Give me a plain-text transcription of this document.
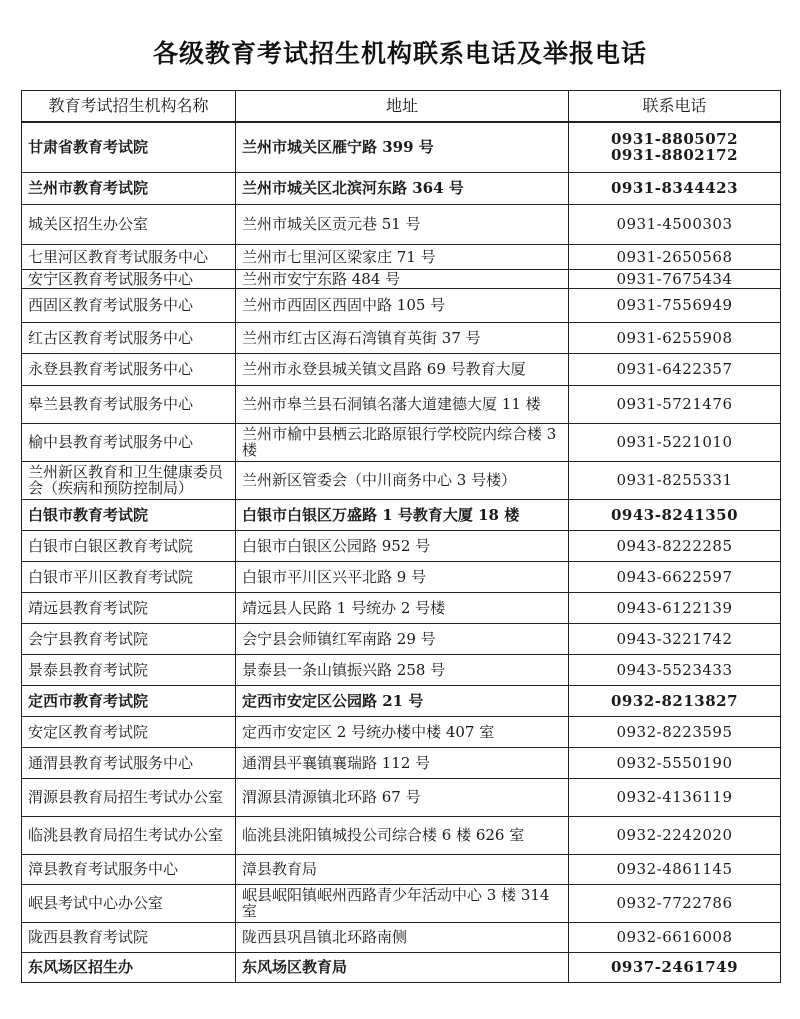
各级教育考试招生机构联系电话及举报电话
教育考试招生机构名称	地址	联系电话
甘肃省教育考试院	兰州市城关区雁宁路 399 号	0931-8805072
0931-8802172

兰州市教育考试院	兰州市城关区北滨河东路 364 号	0931-8344423

城关区招生办公室	兰州市城关区贡元巷 51 号	0931-4500303

七里河区教育考试服务中心	兰州市七里河区梁家庄 71 号	0931-2650568

安宁区教育考试服务中心	兰州市安宁东路 484 号	0931-7675434

西固区教育考试服务中心	兰州市西固区西固中路 105 号	0931-7556949

红古区教育考试服务中心	兰州市红古区海石湾镇育英街 37 号	0931-6255908

永登县教育考试服务中心	兰州市永登县城关镇文昌路 69 号教育大厦	0931-6422357

皋兰县教育考试服务中心	兰州市皋兰县石洞镇名藩大道建德大厦 11 楼	0931-5721476

榆中县教育考试服务中心	兰州市榆中县栖云北路原银行学校院内综合楼 3 楼	0931-5221010

兰州新区教育和卫生健康委员会（疾病和预防控制局）	兰州新区管委会（中川商务中心 3 号楼）	0931-8255331

白银市教育考试院	白银市白银区万盛路 1 号教育大厦 18 楼	0943-8241350

白银市白银区教育考试院	白银市白银区公园路 952 号	0943-8222285

白银市平川区教育考试院	白银市平川区兴平北路 9 号	0943-6622597

靖远县教育考试院	靖远县人民路 1 号统办 2 号楼	0943-6122139

会宁县教育考试院	会宁县会师镇红军南路 29 号	0943-3221742

景泰县教育考试院	景泰县一条山镇振兴路 258 号	0943-5523433

定西市教育考试院	定西市安定区公园路 21 号	0932-8213827

安定区教育考试院	定西市安定区 2 号统办楼中楼 407 室	0932-8223595

通渭县教育考试服务中心	通渭县平襄镇襄瑞路 112 号	0932-5550190

渭源县教育局招生考试办公室	渭源县清源镇北环路 67 号	0932-4136119

临洮县教育局招生考试办公室	临洮县洮阳镇城投公司综合楼 6 楼 626 室	0932-2242020

漳县教育考试服务中心	漳县教育局	0932-4861145

岷县考试中心办公室	岷县岷阳镇岷州西路青少年活动中心 3 楼 314 室	0932-7722786

陇西县教育考试院	陇西县巩昌镇北环路南侧	0932-6616008

东风场区招生办	东风场区教育局	0937-2461749
